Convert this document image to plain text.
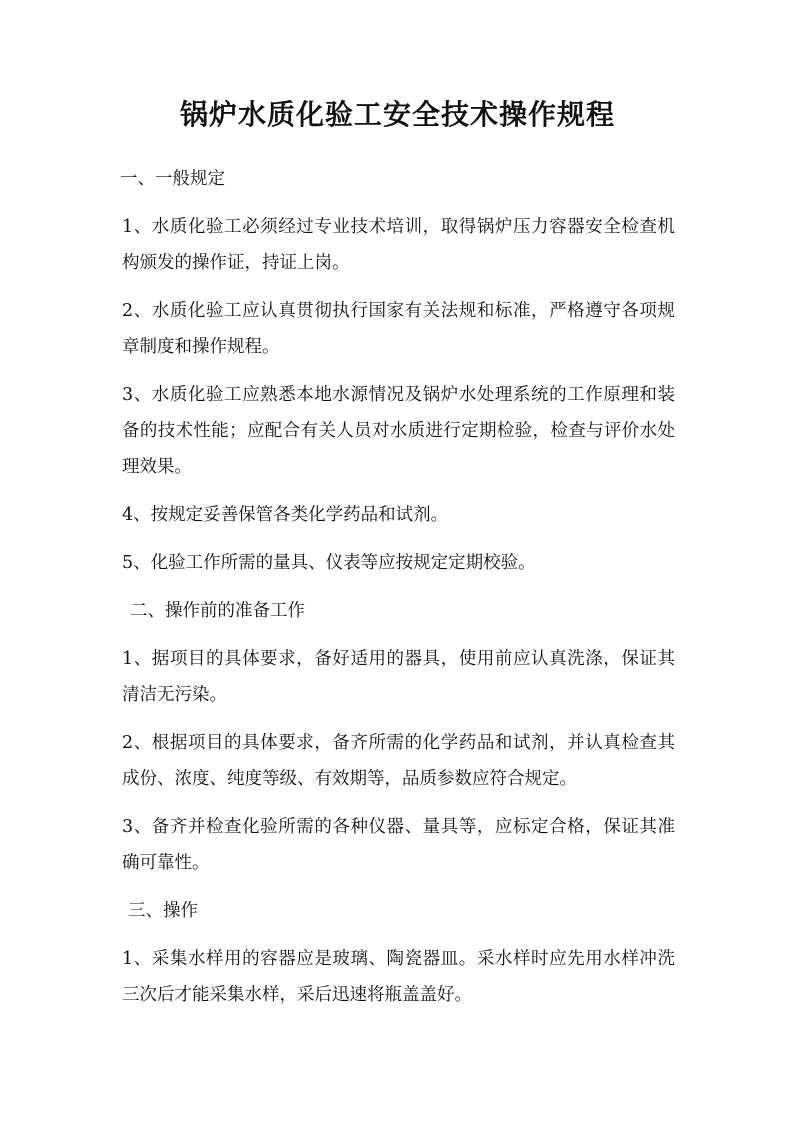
锅炉水质化验工安全技术操作规程

一、一般规定

1、水质化验工必须经过专业技术培训，取得锅炉压力容器安全检查机构颁发的操作证，持证上岗。

2、水质化验工应认真贯彻执行国家有关法规和标准，严格遵守各项规章制度和操作规程。

3、水质化验工应熟悉本地水源情况及锅炉水处理系统的工作原理和装备的技术性能；应配合有关人员对水质进行定期检验，检查与评价水处理效果。

4、按规定妥善保管各类化学药品和试剂。

5、化验工作所需的量具、仪表等应按规定定期校验。

二、操作前的准备工作

1、据项目的具体要求，备好适用的器具，使用前应认真洗涤，保证其清洁无污染。

2、根据项目的具体要求，备齐所需的化学药品和试剂，并认真检查其成份、浓度、纯度等级、有效期等，品质参数应符合规定。

3、备齐并检查化验所需的各种仪器、量具等，应标定合格，保证其准确可靠性。

三、操作

1、采集水样用的容器应是玻璃、陶瓷器皿。采水样时应先用水样冲洗三次后才能采集水样，采后迅速将瓶盖盖好。
